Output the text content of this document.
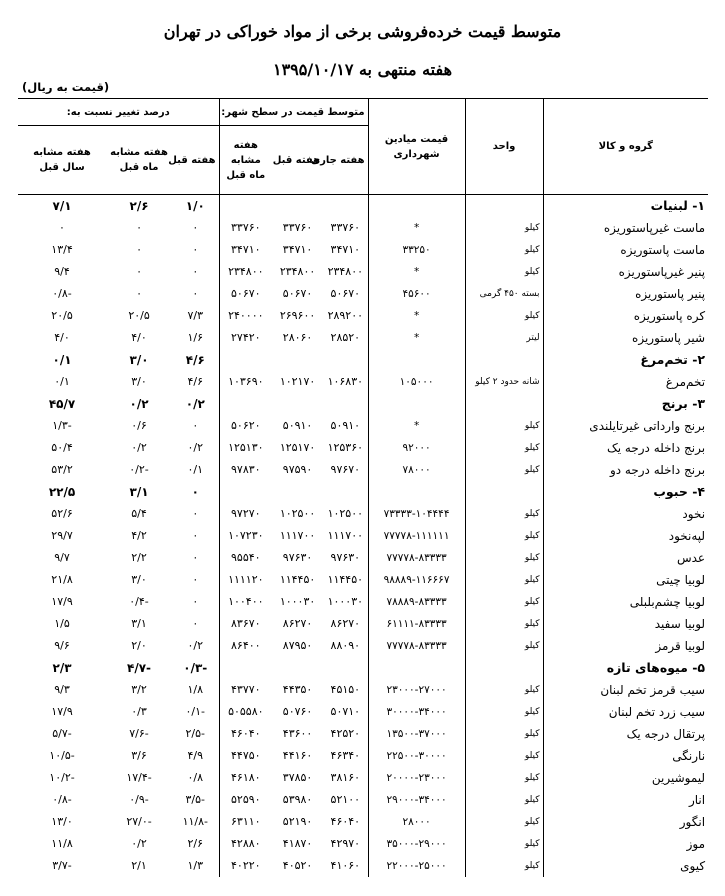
متوسط قیمت خرده‌فروشی برخی از مواد خوراکی در تهران
هفته منتهی به ۱۳۹۵/۱۰/۱۷
(قیمت به ریال)
گروه و کالا	واحد	قیمت میادین شهرداری	متوسط قیمت در سطح شهر:			درصد تغییر نسبت به:		
			هفته جاری	هفته قبل	هفته مشابه ماه قبل	هفته قبل	هفته مشابه ماه قبل	هفته مشابه سال قبل
۱- لبنیات						۱/۰	۲/۶	۷/۱
ماست غیرپاستوریزه	کیلو	*	۳۳۷۶۰	۳۳۷۶۰	۳۳۷۶۰	۰	۰	۰
ماست پاستوریزه	کیلو	۳۳۲۵۰	۳۴۷۱۰	۳۴۷۱۰	۳۴۷۱۰	۰	۰	۱۳/۴
پنیر غیرپاستوریزه	کیلو	*	۲۳۴۸۰۰	۲۳۴۸۰۰	۲۳۴۸۰۰	۰	۰	۹/۴
پنیر پاستوریزه	بسته ۴۵۰ گرمی	۴۵۶۰۰	۵۰۶۷۰	۵۰۶۷۰	۵۰۶۷۰	۰	۰	-۰/۸
کره پاستوریزه	کیلو	*	۲۸۹۲۰۰	۲۶۹۶۰۰	۲۴۰۰۰۰	۷/۳	۲۰/۵	۲۰/۵
شیر پاستوریزه	لیتر	*	۲۸۵۲۰	۲۸۰۶۰	۲۷۴۲۰	۱/۶	۴/۰	۴/۰
۲- تخم‌مرغ						۴/۶	۳/۰	۰/۱
تخم‌مرغ	شانه حدود ۲ کیلو	۱۰۵۰۰۰	۱۰۶۸۳۰	۱۰۲۱۷۰	۱۰۳۶۹۰	۴/۶	۳/۰	۰/۱
۳- برنج						۰/۲	۰/۲	۴۵/۷
برنج وارداتی غیرتایلندی	کیلو	*	۵۰۹۱۰	۵۰۹۱۰	۵۰۶۲۰	۰	۰/۶	-۱/۳
برنج داخله درجه یک	کیلو	۹۲۰۰۰	۱۲۵۳۶۰	۱۲۵۱۷۰	۱۲۵۱۳۰	۰/۲	۰/۲	۵۰/۴
برنج داخله درجه دو	کیلو	۷۸۰۰۰	۹۷۶۷۰	۹۷۵۹۰	۹۷۸۳۰	۰/۱	-۰/۲	۵۳/۲
۴- حبوب						۰	۳/۱	۲۲/۵
نخود	کیلو	۷۳۳۳۳-۱۰۴۴۴۴	۱۰۲۵۰۰	۱۰۲۵۰۰	۹۷۲۷۰	۰	۵/۴	۵۲/۶
لپه‌نخود	کیلو	۷۷۷۷۸-۱۱۱۱۱۱	۱۱۱۷۰۰	۱۱۱۷۰۰	۱۰۷۲۳۰	۰	۴/۲	۲۹/۷
عدس	کیلو	۷۷۷۷۸-۸۳۳۳۳	۹۷۶۳۰	۹۷۶۳۰	۹۵۵۴۰	۰	۲/۲	۹/۷
لوبیا چیتی	کیلو	۹۸۸۸۹-۱۱۶۶۶۷	۱۱۴۴۵۰	۱۱۴۴۵۰	۱۱۱۱۲۰	۰	۳/۰	۲۱/۸
لوبیا چشم‌بلبلی	کیلو	۷۸۸۸۹-۸۳۳۳۳	۱۰۰۰۳۰	۱۰۰۰۳۰	۱۰۰۴۰۰	۰	-۰/۴	۱۷/۹
لوبیا سفید	کیلو	۶۱۱۱۱-۸۳۳۳۳	۸۶۲۷۰	۸۶۲۷۰	۸۳۶۷۰	۰	۳/۱	۱/۵
لوبیا قرمز	کیلو	۷۷۷۷۸-۸۳۳۳۳	۸۸۰۹۰	۸۷۹۵۰	۸۶۴۰۰	۰/۲	۲/۰	۹/۶
۵- میوه‌های تازه						-۰/۳	-۴/۷	۲/۳
سیب قرمز تخم لبنان	کیلو	۲۳۰۰۰-۲۷۰۰۰	۴۵۱۵۰	۴۴۳۵۰	۴۳۷۷۰	۱/۸	۳/۲	۹/۳
سیب زرد تخم لبنان	کیلو	۳۰۰۰۰-۳۴۰۰۰	۵۰۷۱۰	۵۰۷۶۰	۵۰۵۵۸۰	-۰/۱	۰/۳	۱۷/۹
پرتقال درجه یک	کیلو	۱۳۵۰۰-۳۷۰۰۰	۴۲۵۲۰	۴۳۶۰۰	۴۶۰۴۰	-۲/۵	-۷/۶	-۵/۷
نارنگی	کیلو	۲۲۵۰۰-۳۰۰۰۰	۴۶۳۴۰	۴۴۱۶۰	۴۴۷۵۰	۴/۹	۳/۶	-۱۰/۵
لیموشیرین	کیلو	۲۰۰۰۰-۲۳۰۰۰	۳۸۱۶۰	۳۷۸۵۰	۴۶۱۸۰	۰/۸	-۱۷/۴	-۱۰/۲
انار	کیلو	۲۹۰۰۰-۳۴۰۰۰	۵۲۱۰۰	۵۳۹۸۰	۵۲۵۹۰	-۳/۵	-۰/۹	-۰/۸
انگور	کیلو	۲۸۰۰۰	۴۶۰۴۰	۵۲۱۹۰	۶۳۱۱۰	-۱۱/۸	-۲۷/۰	۱۳/۰
موز	کیلو	۳۵۰۰۰-۲۹۰۰۰	۴۲۹۷۰	۴۱۸۷۰	۴۲۸۸۰	۲/۶	۰/۲	۱۱/۸
کیوی	کیلو	۲۲۰۰۰-۲۵۰۰۰	۴۱۰۶۰	۴۰۵۲۰	۴۰۲۲۰	۱/۳	۲/۱	-۳/۷
